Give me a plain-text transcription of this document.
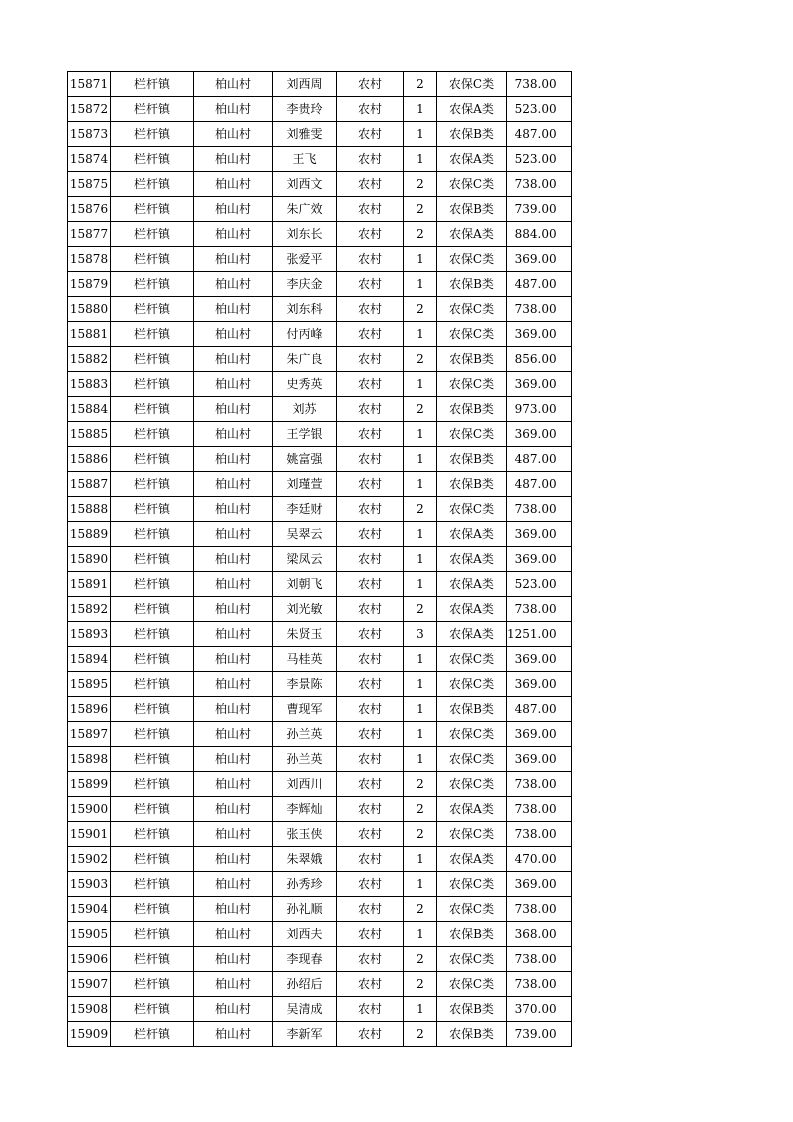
15871	栏杆镇	柏山村	刘西周	农村	2	农保C类	738.00
15872	栏杆镇	柏山村	李贵玲	农村	1	农保A类	523.00
15873	栏杆镇	柏山村	刘雅雯	农村	1	农保B类	487.00
15874	栏杆镇	柏山村	王飞	农村	1	农保A类	523.00
15875	栏杆镇	柏山村	刘西文	农村	2	农保C类	738.00
15876	栏杆镇	柏山村	朱广效	农村	2	农保B类	739.00
15877	栏杆镇	柏山村	刘东长	农村	2	农保A类	884.00
15878	栏杆镇	柏山村	张爱平	农村	1	农保C类	369.00
15879	栏杆镇	柏山村	李庆金	农村	1	农保B类	487.00
15880	栏杆镇	柏山村	刘东科	农村	2	农保C类	738.00
15881	栏杆镇	柏山村	付丙峰	农村	1	农保C类	369.00
15882	栏杆镇	柏山村	朱广良	农村	2	农保B类	856.00
15883	栏杆镇	柏山村	史秀英	农村	1	农保C类	369.00
15884	栏杆镇	柏山村	刘苏	农村	2	农保B类	973.00
15885	栏杆镇	柏山村	王学银	农村	1	农保C类	369.00
15886	栏杆镇	柏山村	姚富强	农村	1	农保B类	487.00
15887	栏杆镇	柏山村	刘瑾萱	农村	1	农保B类	487.00
15888	栏杆镇	柏山村	李廷财	农村	2	农保C类	738.00
15889	栏杆镇	柏山村	吴翠云	农村	1	农保A类	369.00
15890	栏杆镇	柏山村	梁凤云	农村	1	农保A类	369.00
15891	栏杆镇	柏山村	刘朝飞	农村	1	农保A类	523.00
15892	栏杆镇	柏山村	刘光敏	农村	2	农保A类	738.00
15893	栏杆镇	柏山村	朱贤玉	农村	3	农保A类	1251.00
15894	栏杆镇	柏山村	马桂英	农村	1	农保C类	369.00
15895	栏杆镇	柏山村	李景陈	农村	1	农保C类	369.00
15896	栏杆镇	柏山村	曹现军	农村	1	农保B类	487.00
15897	栏杆镇	柏山村	孙兰英	农村	1	农保C类	369.00
15898	栏杆镇	柏山村	孙兰英	农村	1	农保C类	369.00
15899	栏杆镇	柏山村	刘西川	农村	2	农保C类	738.00
15900	栏杆镇	柏山村	李辉灿	农村	2	农保A类	738.00
15901	栏杆镇	柏山村	张玉侠	农村	2	农保C类	738.00
15902	栏杆镇	柏山村	朱翠娥	农村	1	农保A类	470.00
15903	栏杆镇	柏山村	孙秀珍	农村	1	农保C类	369.00
15904	栏杆镇	柏山村	孙礼顺	农村	2	农保C类	738.00
15905	栏杆镇	柏山村	刘西夫	农村	1	农保B类	368.00
15906	栏杆镇	柏山村	李现春	农村	2	农保C类	738.00
15907	栏杆镇	柏山村	孙绍后	农村	2	农保C类	738.00
15908	栏杆镇	柏山村	吴清成	农村	1	农保B类	370.00
15909	栏杆镇	柏山村	李新军	农村	2	农保B类	739.00
